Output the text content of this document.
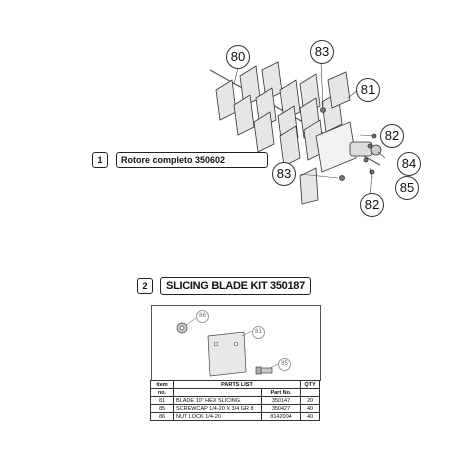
80	83
81
82
84
83
85
82
1	Rotore completo 350602
2	SLICING BLADE KIT 350187
86
81
85
item	PARTS LIST		QTY
no.		Part No.	
81	BLADE 10" HEX SLICING	350147	20
85	SCREWCAP 1/4-20 X 3/4 GR 8	350427	40
86	NUT LOCK 1/4-20	8142004	40
